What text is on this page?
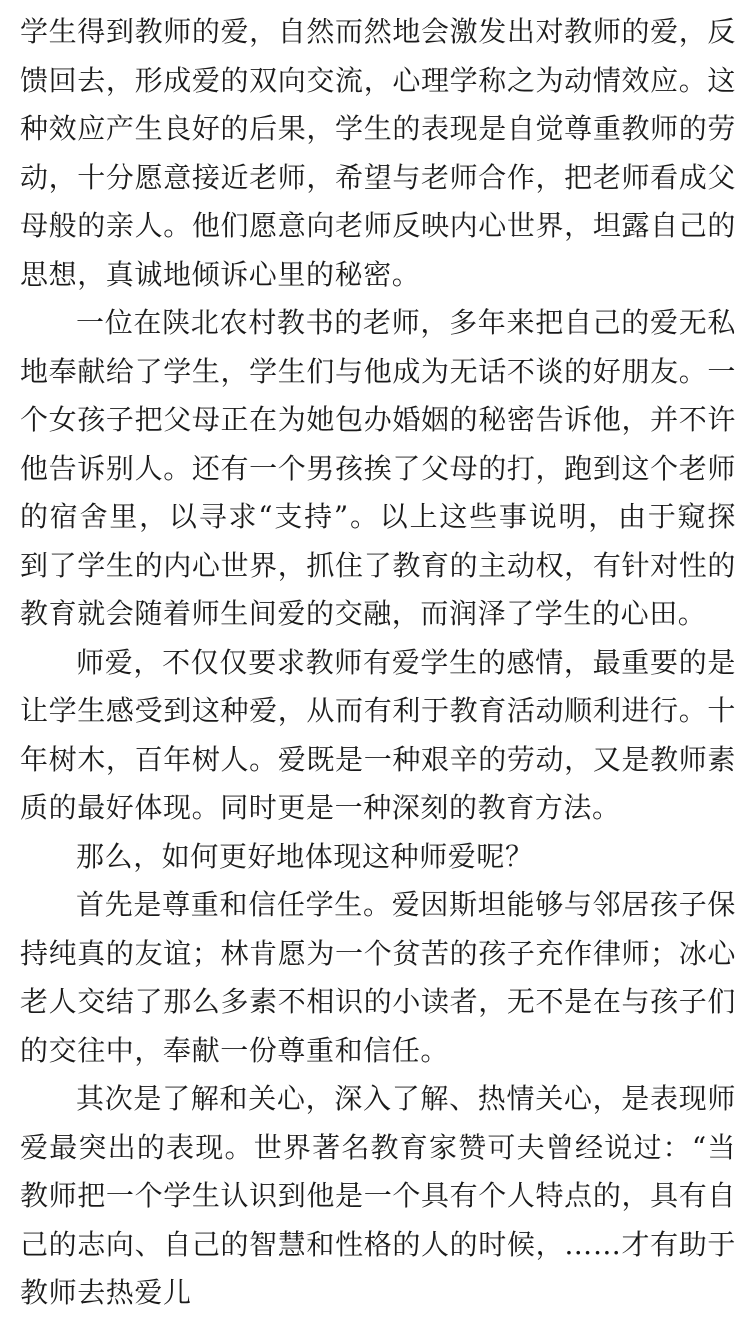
学生得到教师的爱，自然而然地会激发出对教师的爱，反馈回去，形成爱的双向交流，心理学称之为动情效应。这种效应产生良好的后果，学生的表现是自觉尊重教师的劳动，十分愿意接近老师，希望与老师合作，把老师看成父母般的亲人。他们愿意向老师反映内心世界，坦露自己的思想，真诚地倾诉心里的秘密。

一位在陕北农村教书的老师，多年来把自己的爱无私地奉献给了学生，学生们与他成为无话不谈的好朋友。一个女孩子把父母正在为她包办婚姻的秘密告诉他，并不许他告诉别人。还有一个男孩挨了父母的打，跑到这个老师的宿舍里，以寻求“支持”。以上这些事说明，由于窥探到了学生的内心世界，抓住了教育的主动权，有针对性的教育就会随着师生间爱的交融，而润泽了学生的心田。

师爱，不仅仅要求教师有爱学生的感情，最重要的是让学生感受到这种爱，从而有利于教育活动顺利进行。十年树木，百年树人。爱既是一种艰辛的劳动，又是教师素质的最好体现。同时更是一种深刻的教育方法。

那么，如何更好地体现这种师爱呢？

首先是尊重和信任学生。爱因斯坦能够与邻居孩子保持纯真的友谊；林肯愿为一个贫苦的孩子充作律师；冰心老人交结了那么多素不相识的小读者，无不是在与孩子们的交往中，奉献一份尊重和信任。

其次是了解和关心，深入了解、热情关心，是表现师爱最突出的表现。世界著名教育家赞可夫曾经说过：“当教师把一个学生认识到他是一个具有个人特点的，具有自己的志向、自己的智慧和性格的人的时候，……才有助于教师去热爱儿
